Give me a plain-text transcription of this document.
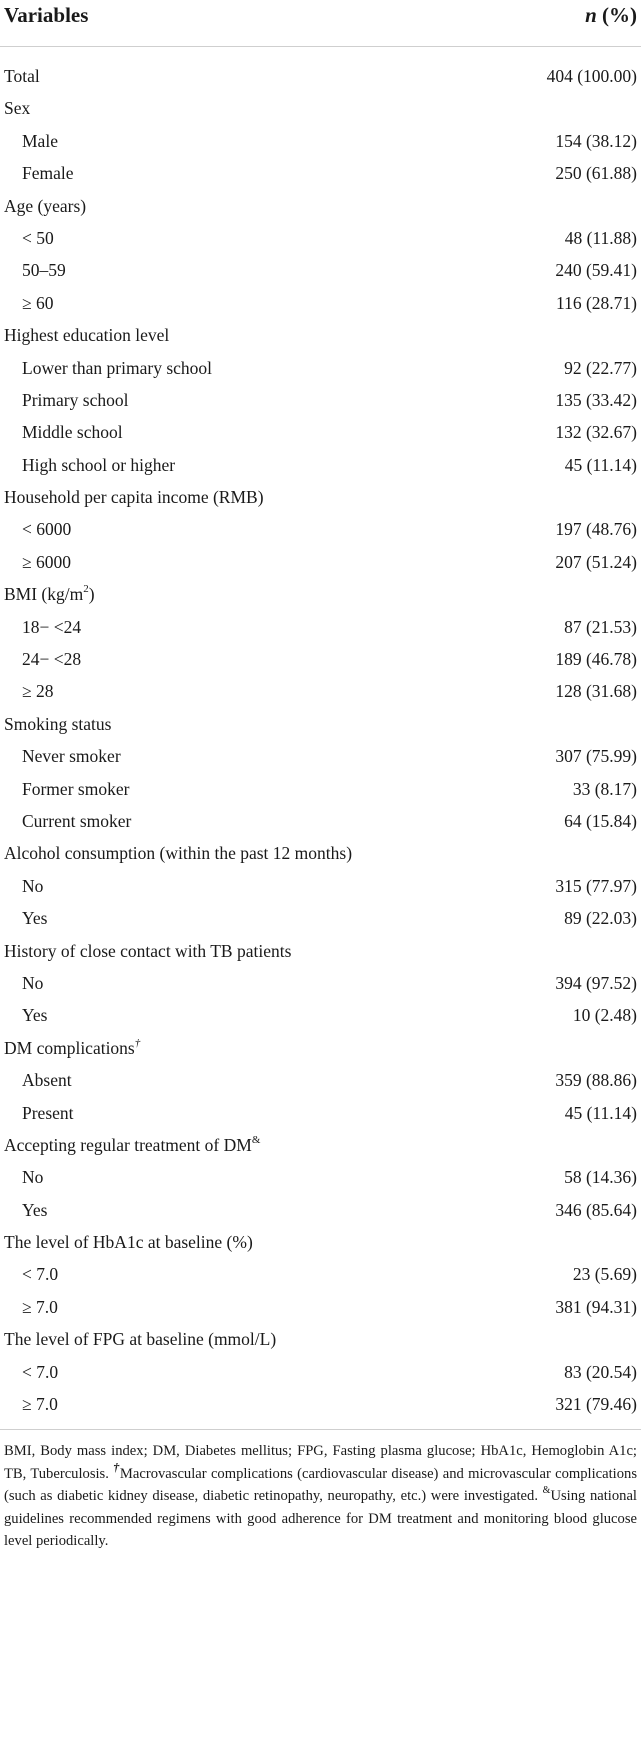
Variables	n (%)
Total	404 (100.00)
Sex
Male	154 (38.12)
Female	250 (61.88)
Age (years)
< 50	48 (11.88)
50–59	240 (59.41)
≥ 60	116 (28.71)
Highest education level
Lower than primary school	92 (22.77)
Primary school	135 (33.42)
Middle school	132 (32.67)
High school or higher	45 (11.14)
Household per capita income (RMB)
< 6000	197 (48.76)
≥ 6000	207 (51.24)
BMI $(kg/m^2)$
18− <24	87 (21.53)
24− <28	189 (46.78)
≥ 28	128 (31.68)
Smoking status
Never smoker	307 (75.99)
Former smoker	33 (8.17)
Current smoker	64 (15.84)
Alcohol consumption (within the past 12 months)
No	315 (77.97)
Yes	89 (22.03)
History of close contact with TB patients
No	394 (97.52)
Yes	10 (2.48)
DM complications†
Absent	359 (88.86)
Present	45 (11.14)
Accepting regular treatment of DM&
No	58 (14.36)
Yes	346 (85.64)
The level of HbA1c at baseline (%)
< 7.0	23 (5.69)
≥ 7.0	381 (94.31)
The level of FPG at baseline (mmol/L)
< 7.0	83 (20.54)
≥ 7.0	321 (79.46)
BMI, Body mass index; DM, Diabetes mellitus; FPG, Fasting plasma glucose; HbA1c, Hemoglobin A1c; TB, Tuberculosis. †Macrovascular complications (cardiovascular disease) and microvascular complications (such as diabetic kidney disease, diabetic retinopathy, neuropathy, etc.) were investigated. &Using national guidelines recommended regimens with good adherence for DM treatment and monitoring blood glucose level periodically.
